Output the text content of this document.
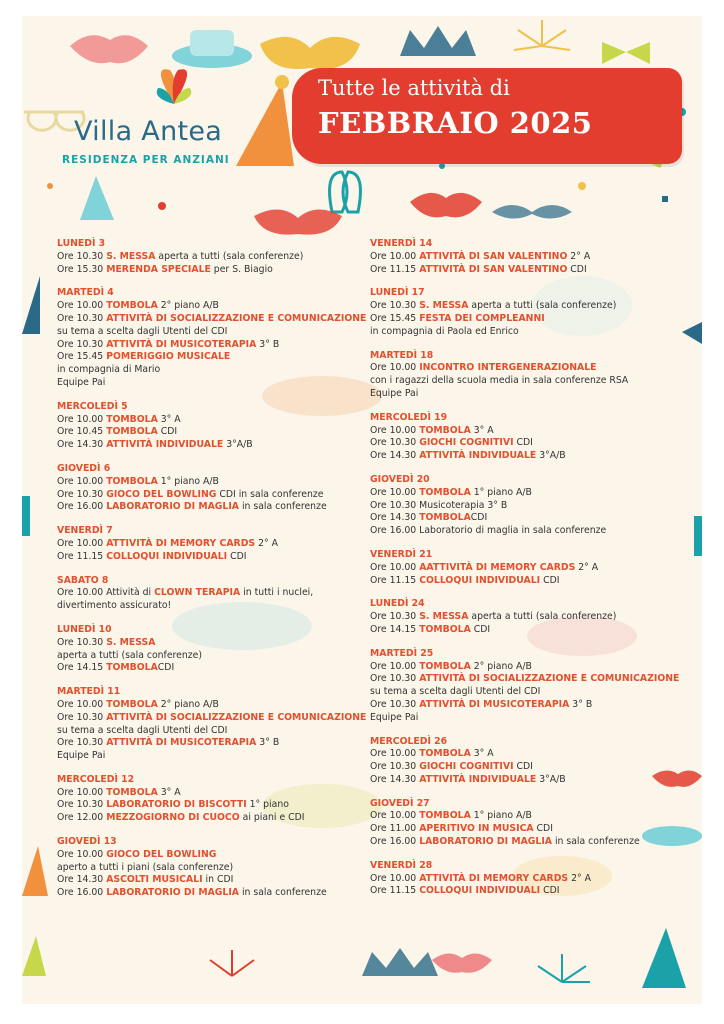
Villa Antea
RESIDENZA PER ANZIANI
Tutte le attività di
FEBBRAIO 2025
LUNEDÌ 3
Ore 10.30 S. MESSA aperta a tutti (sala conferenze)
Ore 15.30 MERENDA SPECIALE per S. Biagio
MARTEDÌ 4
Ore 10.00 TOMBOLA 2° piano A/B
Ore 10.30 ATTIVITÀ DI SOCIALIZZAZIONE E COMUNICAZIONE
su tema a scelta dagli Utenti del CDI
Ore 10.30 ATTIVITÀ DI MUSICOTERAPIA 3° B
Ore 15.45 POMERIGGIO MUSICALE
in compagnia di Mario
Equipe Pai
MERCOLEDÌ 5
Ore 10.00 TOMBOLA 3° A
Ore 10.45 TOMBOLA CDI
Ore 14.30 ATTIVITÀ INDIVIDUALE 3°A/B
GIOVEDÌ 6
Ore 10.00 TOMBOLA 1° piano A/B
Ore 10.30 GIOCO DEL BOWLING CDI in sala conferenze
Ore 16.00 LABORATORIO DI MAGLIA in sala conferenze
VENERDÌ 7
Ore 10.00 ATTIVITÀ DI MEMORY CARDS 2° A
Ore 11.15 COLLOQUI INDIVIDUALI CDI
SABATO 8
Ore 10.00 Attività di CLOWN TERAPIA in tutti i nuclei,
divertimento assicurato!
LUNEDÌ 10
Ore 10.30 S. MESSA
aperta a tutti (sala conferenze)
Ore 14.15 TOMBOLACDI
MARTEDÌ 11
Ore 10.00 TOMBOLA 2° piano A/B
Ore 10.30 ATTIVITÀ DI SOCIALIZZAZIONE E COMUNICAZIONE
su tema a scelta dagli Utenti del CDI
Ore 10.30 ATTIVITÀ DI MUSICOTERAPIA 3° B
Equipe Pai
MERCOLEDÌ 12
Ore 10.00 TOMBOLA 3° A
Ore 10.30 LABORATORIO DI BISCOTTI 1° piano
Ore 12.00 MEZZOGIORNO DI CUOCO ai piani e CDI
GIOVEDÌ 13
Ore 10.00 GIOCO DEL BOWLING
aperto a tutti i piani (sala conferenze)
Ore 14.30 ASCOLTI MUSICALI in CDI
Ore 16.00 LABORATORIO DI MAGLIA in sala conferenze
VENERDÌ 14
Ore 10.00 ATTIVITÀ DI SAN VALENTINO 2° A
Ore 11.15 ATTIVITÀ DI SAN VALENTINO CDI
LUNEDÌ 17
Ore 10.30 S. MESSA aperta a tutti (sala conferenze)
Ore 15.45 FESTA DEI COMPLEANNI
in compagnia di Paola ed Enrico
MARTEDÌ 18
Ore 10.00 INCONTRO INTERGENERAZIONALE
con i ragazzi della scuola media in sala conferenze RSA
Equipe Pai
MERCOLEDÌ 19
Ore 10.00 TOMBOLA 3° A
Ore 10.30 GIOCHI COGNITIVI CDI
Ore 14.30 ATTIVITÀ INDIVIDUALE 3°A/B
GIOVEDÌ 20
Ore 10.00 TOMBOLA 1° piano A/B
Ore 10.30 Musicoterapia 3° B
Ore 14.30 TOMBOLACDI
Ore 16.00 Laboratorio di maglia in sala conferenze
VENERDÌ 21
Ore 10.00 AATTIVITÀ DI MEMORY CARDS 2° A
Ore 11.15 COLLOQUI INDIVIDUALI CDI
LUNEDÌ 24
Ore 10.30 S. MESSA aperta a tutti (sala conferenze)
Ore 14.15 TOMBOLA CDI
MARTEDÌ 25
Ore 10.00 TOMBOLA 2° piano A/B
Ore 10.30 ATTIVITÀ DI SOCIALIZZAZIONE E COMUNICAZIONE
su tema a scelta dagli Utenti del CDI
Ore 10.30 ATTIVITÀ DI MUSICOTERAPIA 3° B
Equipe Pai
MERCOLEDÌ 26
Ore 10.00 TOMBOLA 3° A
Ore 10.30 GIOCHI COGNITIVI CDI
Ore 14.30 ATTIVITÀ INDIVIDUALE 3°A/B
GIOVEDÌ 27
Ore 10.00 TOMBOLA 1° piano A/B
Ore 11.00 APERITIVO IN MUSICA CDI
Ore 16.00 LABORATORIO DI MAGLIA in sala conferenze
VENERDÌ 28
Ore 10.00 ATTIVITÀ DI MEMORY CARDS 2° A
Ore 11.15 COLLOQUI INDIVIDUALI CDI
